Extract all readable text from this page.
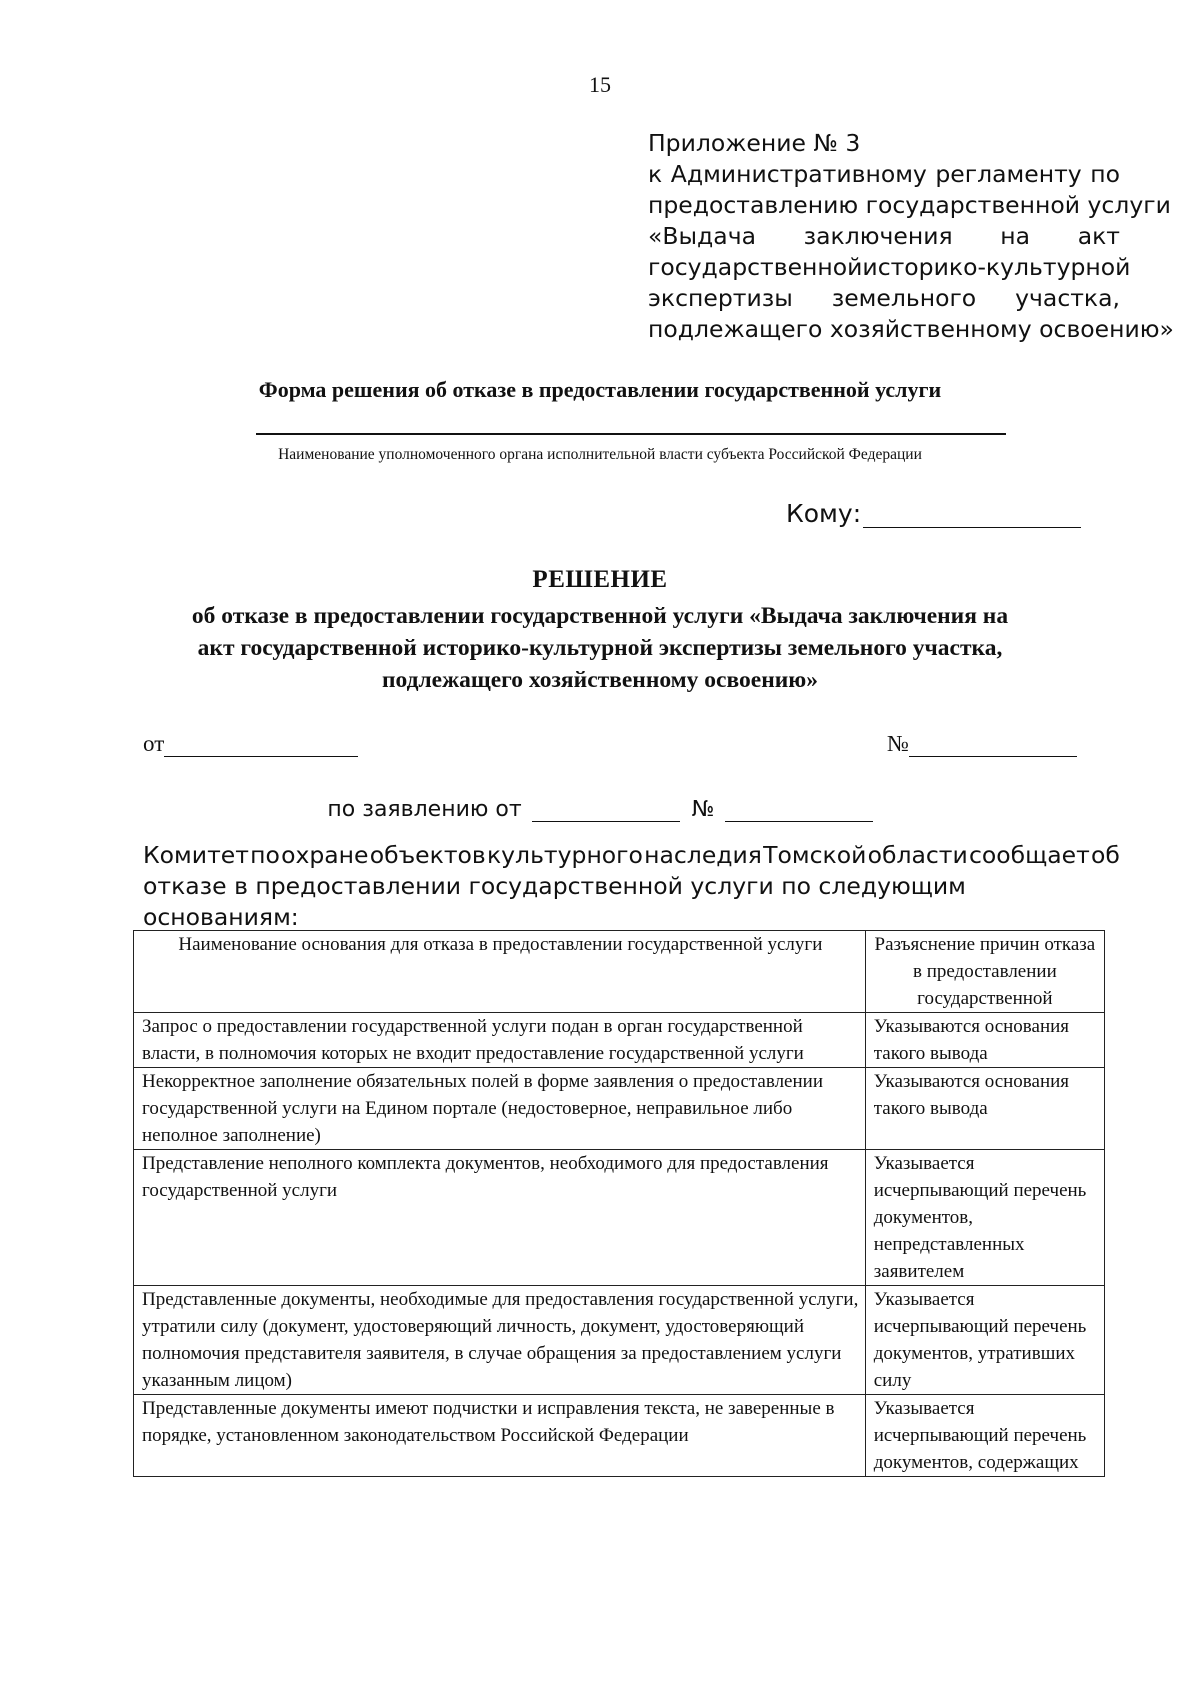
15
Приложение № 3
к Административному регламенту по
предоставлению государственной услуги
«Выдача заключения на акт
государственной историко-культурной
экспертизы земельного участка,
подлежащего хозяйственному освоению»
Форма решения об отказе в предоставлении государственной услуги
Наименование уполномоченного органа исполнительной власти субъекта Российской Федерации
Кому:
РЕШЕНИЕ
об отказе в предоставлении государственной услуги «Выдача заключения на
акт государственной историко-культурной экспертизы земельного участка,
подлежащего хозяйственному освоению»
от	№
по заявлению от	№
Комитет по охране объектов культурного наследия Томской области сообщает об
отказе в предоставлении государственной услуги по следующим основаниям:
Наименование основания для отказа в предоставлении государственной услуги	Разъяснение причин отказа в предоставлении государственной
Запрос о предоставлении государственной услуги подан в орган государственной власти, в полномочия которых не входит предоставление государственной услуги	Указываются основания такого вывода
Некорректное заполнение обязательных полей в форме заявления о предоставлении государственной услуги на Едином портале (недостоверное, неправильное либо неполное заполнение)	Указываются основания такого вывода
Представление неполного комплекта документов, необходимого для предоставления государственной услуги	Указывается исчерпывающий перечень документов, непредставленных заявителем
Представленные документы, необходимые для предоставления государственной услуги, утратили силу (документ, удостоверяющий личность, документ, удостоверяющий полномочия представителя заявителя, в случае обращения за предоставлением услуги указанным лицом)	Указывается исчерпывающий перечень документов, утративших силу
Представленные документы имеют подчистки и исправления текста, не заверенные в порядке, установленном законодательством Российской Федерации	Указывается исчерпывающий перечень документов, содержащих
